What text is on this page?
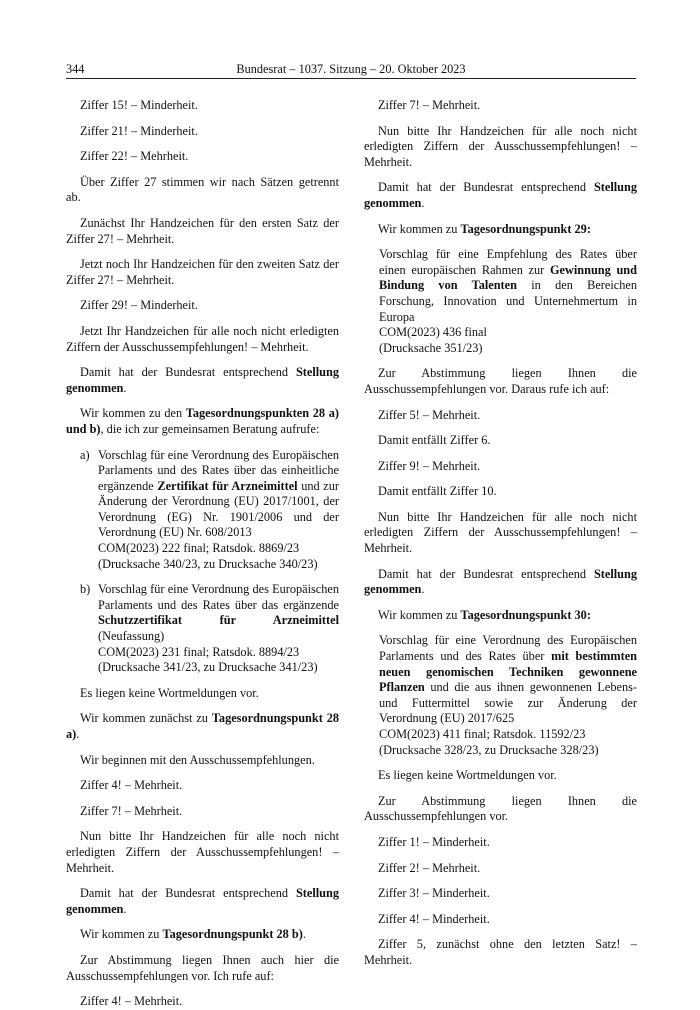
344	Bundesrat – 1037. Sitzung – 20. Oktober 2023

Ziffer 15! – Minderheit.

Ziffer 21! – Minderheit.

Ziffer 22! – Mehrheit.

Über Ziffer 27 stimmen wir nach Sätzen getrennt ab.

Zunächst Ihr Handzeichen für den ersten Satz der Ziffer 27! – Mehrheit.

Jetzt noch Ihr Handzeichen für den zweiten Satz der Ziffer 27! – Mehrheit.

Ziffer 29! – Minderheit.

Jetzt Ihr Handzeichen für alle noch nicht erledigten Ziffern der Ausschussempfehlungen! – Mehrheit.

Damit hat der Bundesrat entsprechend Stellung genommen.

Wir kommen zu den Tagesordnungspunkten 28 a) und b), die ich zur gemeinsamen Beratung aufrufe:

a) Vorschlag für eine Verordnung des Europäischen Parlaments und des Rates über das einheitliche ergänzende Zertifikat für Arzneimittel und zur Änderung der Verordnung (EU) 2017/1001, der Verordnung (EG) Nr. 1901/2006 und der Verordnung (EU) Nr. 608/2013
COM(2023) 222 final; Ratsdok. 8869/23
(Drucksache 340/23, zu Drucksache 340/23)
b) Vorschlag für eine Verordnung des Europäischen Parlaments und des Rates über das ergänzende Schutzzertifikat für Arzneimittel (Neufassung)
COM(2023) 231 final; Ratsdok. 8894/23
(Drucksache 341/23, zu Drucksache 341/23)

Es liegen keine Wortmeldungen vor.

Wir kommen zunächst zu Tagesordnungspunkt 28 a).

Wir beginnen mit den Ausschussempfehlungen.

Ziffer 4! – Mehrheit.

Ziffer 7! – Mehrheit.

Nun bitte Ihr Handzeichen für alle noch nicht erledigten Ziffern der Ausschussempfehlungen! – Mehrheit.

Damit hat der Bundesrat entsprechend Stellung genommen.

Wir kommen zu Tagesordnungspunkt 28 b).

Zur Abstimmung liegen Ihnen auch hier die Ausschussempfehlungen vor. Ich rufe auf:

Ziffer 4! – Mehrheit.

Ziffer 7! – Mehrheit.

Nun bitte Ihr Handzeichen für alle noch nicht erledigten Ziffern der Ausschussempfehlungen! – Mehrheit.

Damit hat der Bundesrat entsprechend Stellung genommen.

Wir kommen zu Tagesordnungspunkt 29:

Vorschlag für eine Empfehlung des Rates über einen europäischen Rahmen zur Gewinnung und Bindung von Talenten in den Bereichen Forschung, Innovation und Unternehmertum in Europa
COM(2023) 436 final
(Drucksache 351/23)

Zur Abstimmung liegen Ihnen die Ausschussempfehlungen vor. Daraus rufe ich auf:

Ziffer 5! – Mehrheit.

Damit entfällt Ziffer 6.

Ziffer 9! – Mehrheit.

Damit entfällt Ziffer 10.

Nun bitte Ihr Handzeichen für alle noch nicht erledigten Ziffern der Ausschussempfehlungen! – Mehrheit.

Damit hat der Bundesrat entsprechend Stellung genommen.

Wir kommen zu Tagesordnungspunkt 30:

Vorschlag für eine Verordnung des Europäischen Parlaments und des Rates über mit bestimmten neuen genomischen Techniken gewonnene Pflanzen und die aus ihnen gewonnenen Lebens- und Futtermittel sowie zur Änderung der Verordnung (EU) 2017/625
COM(2023) 411 final; Ratsdok. 11592/23
(Drucksache 328/23, zu Drucksache 328/23)

Es liegen keine Wortmeldungen vor.

Zur Abstimmung liegen Ihnen die Ausschussempfehlungen vor.

Ziffer 1! – Minderheit.

Ziffer 2! – Mehrheit.

Ziffer 3! – Minderheit.

Ziffer 4! – Minderheit.

Ziffer 5, zunächst ohne den letzten Satz! – Mehrheit.
